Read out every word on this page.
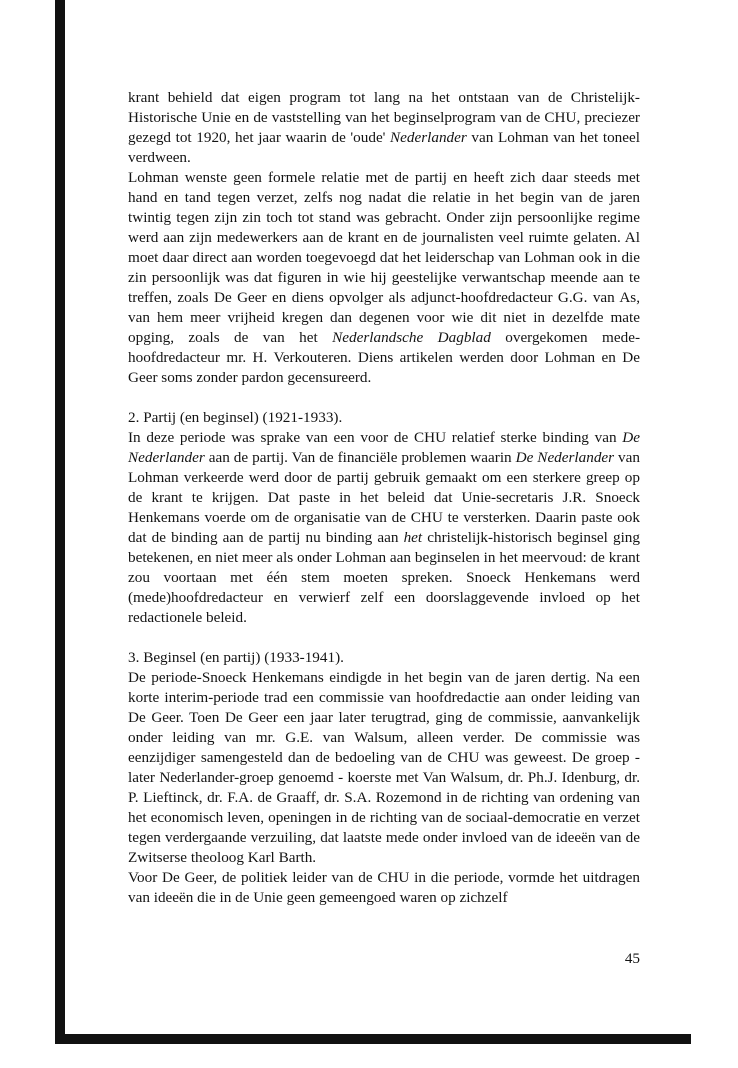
krant behield dat eigen program tot lang na het ontstaan van de Christelijk-Historische Unie en de vaststelling van het beginselprogram van de CHU, preciezer gezegd tot 1920, het jaar waarin de 'oude' Nederlander van Lohman van het toneel verdween.

Lohman wenste geen formele relatie met de partij en heeft zich daar steeds met hand en tand tegen verzet, zelfs nog nadat die relatie in het begin van de jaren twintig tegen zijn zin toch tot stand was gebracht. Onder zijn persoonlijke regime werd aan zijn medewerkers aan de krant en de journalisten veel ruimte gelaten. Al moet daar direct aan worden toegevoegd dat het leiderschap van Lohman ook in die zin persoonlijk was dat figuren in wie hij geestelijke verwantschap meende aan te treffen, zoals De Geer en diens opvolger als adjunct-hoofdredacteur G.G. van As, van hem meer vrijheid kregen dan degenen voor wie dit niet in dezelfde mate opging, zoals de van het Nederlandsche Dagblad overgekomen mede-hoofdredacteur mr. H. Verkouteren. Diens artikelen werden door Lohman en De Geer soms zonder pardon gecensureerd.

2. Partij (en beginsel) (1921-1933).

In deze periode was sprake van een voor de CHU relatief sterke binding van De Nederlander aan de partij. Van de financiële problemen waarin De Nederlander van Lohman verkeerde werd door de partij gebruik gemaakt om een sterkere greep op de krant te krijgen. Dat paste in het beleid dat Unie-secretaris J.R. Snoeck Henkemans voerde om de organisatie van de CHU te versterken. Daarin paste ook dat de binding aan de partij nu binding aan het christelijk-historisch beginsel ging betekenen, en niet meer als onder Lohman aan beginselen in het meervoud: de krant zou voortaan met één stem moeten spreken. Snoeck Henkemans werd (mede)hoofdredacteur en verwierf zelf een doorslaggevende invloed op het redactionele beleid.

3. Beginsel (en partij) (1933-1941).

De periode-Snoeck Henkemans eindigde in het begin van de jaren dertig. Na een korte interim-periode trad een commissie van hoofdredactie aan onder leiding van De Geer. Toen De Geer een jaar later terugtrad, ging de commissie, aanvankelijk onder leiding van mr. G.E. van Walsum, alleen verder. De commissie was eenzijdiger samengesteld dan de bedoeling van de CHU was geweest. De groep - later Nederlander-groep genoemd - koerste met Van Walsum, dr. Ph.J. Idenburg, dr. P. Lieftinck, dr. F.A. de Graaff, dr. S.A. Rozemond in de richting van ordening van het economisch leven, openingen in de richting van de sociaal-democratie en verzet tegen verdergaande verzuiling, dat laatste mede onder invloed van de ideeën van de Zwitserse theoloog Karl Barth.

Voor De Geer, de politiek leider van de CHU in die periode, vormde het uitdragen van ideeën die in de Unie geen gemeengoed waren op zichzelf

45
